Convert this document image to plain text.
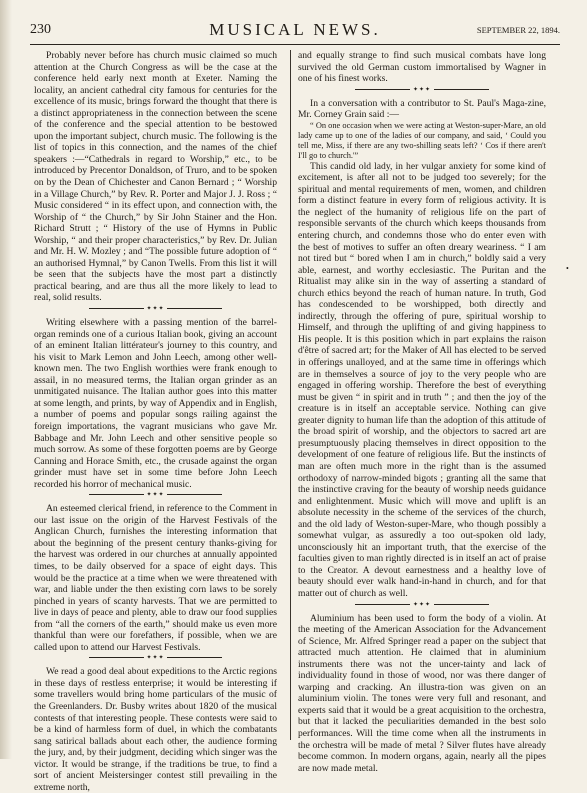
230	MUSICAL NEWS.	SEPTEMBER 22, 1894.

Probably never before has church music claimed so much attention at the Church Congress as will be the case at the conference held early next month at Exeter. Naming the locality, an ancient cathedral city famous for centuries for the excellence of its music, brings forward the thought that there is a distinct appropriateness in the connection between the scene of the conference and the special attention to be bestowed upon the important subject, church music. The following is the list of topics in this connection, and the names of the chief speakers :—“Cathedrals in regard to Worship,” etc., to be introduced by Precentor Donaldson, of Truro, and to be spoken on by the Dean of Chichester and Canon Bernard ; “ Worship in a Village Church,” by Rev. R. Porter and Major J. J. Ross ; “ Music considered “ in its effect upon, and connection with, the Worship of “ the Church,” by Sir John Stainer and the Hon. Richard Strutt ; “ History of the use of Hymns in Public Worship, “ and their proper characteristics,” by Rev. Dr. Julian and Mr. H. W. Mozley ; and “The possible future adoption of “ an authorised Hymnal,” by Canon Twells. From this list it will be seen that the subjects have the most part a distinctly practical bearing, and are thus all the more likely to lead to real, solid results.

✦✦✦

Writing elsewhere with a passing mention of the barrel-organ reminds one of a curious Italian book, giving an account of an eminent Italian littérateur's journey to this country, and his visit to Mark Lemon and John Leech, among other well-known men. The two English worthies were frank enough to assail, in no measured terms, the Italian organ grinder as an unmitigated nuisance. The Italian author goes into this matter at some length, and prints, by way of Appendix and in English, a number of poems and popular songs railing against the foreign importations, the vagrant musicians who gave Mr. Babbage and Mr. John Leech and other sensitive people so much sorrow. As some of these forgotten poems are by George Canning and Horace Smith, etc., the crusade against the organ grinder must have set in some time before John Leech recorded his horror of mechanical music.

✦✦✦

An esteemed clerical friend, in reference to the Comment in our last issue on the origin of the Harvest Festivals of the Anglican Church, furnishes the interesting information that about the beginning of the present century thanks-giving for the harvest was ordered in our churches at annually appointed times, to be daily observed for a space of eight days. This would be the practice at a time when we were threatened with war, and liable under the then existing corn laws to be sorely pinched in years of scanty harvests. That we are permitted to live in days of peace and plenty, able to draw our food supplies from “all the corners of the earth,” should make us even more thankful than were our forefathers, if possible, when we are called upon to attend our Harvest Festivals.

✦✦✦

We read a good deal about expeditions to the Arctic regions in these days of restless enterprise; it would be interesting if some travellers would bring home particulars of the music of the Greenlanders. Dr. Busby writes about 1820 of the musical contests of that interesting people. These contests were said to be a kind of harmless form of duel, in which the combatants sang satirical ballads about each other, the audience forming the jury, and, by their judgment, deciding which singer was the victor. It would be strange, if the traditions be true, to find a sort of ancient Meistersinger contest still prevailing in the extreme north,

and equally strange to find such musical combats have long survived the old German custom immortalised by Wagner in one of his finest works.

✦✦✦

In a conversation with a contributor to St. Paul's Maga-zine, Mr. Corney Grain said :—

“ On one occasion when we were acting at Weston-super-Mare, an old lady came up to one of the ladies of our company, and said, ‘ Could you tell me, Miss, if there are any two-shilling seats left? ‘ Cos if there aren't I'll go to church.'”

This candid old lady, in her vulgar anxiety for some kind of excitement, is after all not to be judged too severely; for the spiritual and mental requirements of men, women, and children form a distinct feature in every form of religious activity. It is the neglect of the humanity of religious life on the part of responsible servants of the church which keeps thousands from entering church, and condemns those who do enter even with the best of motives to suffer an often dreary weariness. “ I am not tired but “ bored when I am in church,” boldly said a very able, earnest, and worthy ecclesiastic. The Puritan and the Ritualist may alike sin in the way of asserting a standard of church ethics beyond the reach of human nature. In truth, God has condescended to be worshipped, both directly and indirectly, through the offering of pure, spiritual worship to Himself, and through the uplifting of and giving happiness to His people. It is this position which in part explains the raison d'être of sacred art; for the Maker of All has elected to be served in offerings unalloyed, and at the same time in offerings which are in themselves a source of joy to the very people who are engaged in offering worship. Therefore the best of everything must be given “ in spirit and in truth ” ; and then the joy of the creature is in itself an acceptable service. Nothing can give greater dignity to human life than the adoption of this attitude of the broad spirit of worship, and the objectors to sacred art are presumptuously placing themselves in direct opposition to the development of one feature of religious life. But the instincts of man are often much more in the right than is the assumed orthodoxy of narrow-minded bigots ; granting all the same that the instinctive craving for the beauty of worship needs guidance and enlightenment. Music which will move and uplift is an absolute necessity in the scheme of the services of the church, and the old lady of Weston-super-Mare, who though possibly a somewhat vulgar, as assuredly a too out-spoken old lady, unconsciously hit an important truth, that the exercise of the faculties given to man rightly directed is in itself an act of praise to the Creator. A devout earnestness and a healthy love of beauty should ever walk hand-in-hand in church, and for that matter out of church as well.

✦✦✦

Aluminium has been used to form the body of a violin. At the meeting of the American Association for the Advancement of Science, Mr. Alfred Springer read a paper on the subject that attracted much attention. He claimed that in aluminium instruments there was not the uncer-tainty and lack of individuality found in those of wood, nor was there danger of warping and cracking. An illustra-tion was given on an aluminium violin. The tones were very full and resonant, and experts said that it would be a great acquisition to the orchestra, but that it lacked the peculiarities demanded in the best solo performances. Will the time come when all the instruments in the orchestra will be made of metal ? Silver flutes have already become common. In modern organs, again, nearly all the pipes are now made metal.

•
